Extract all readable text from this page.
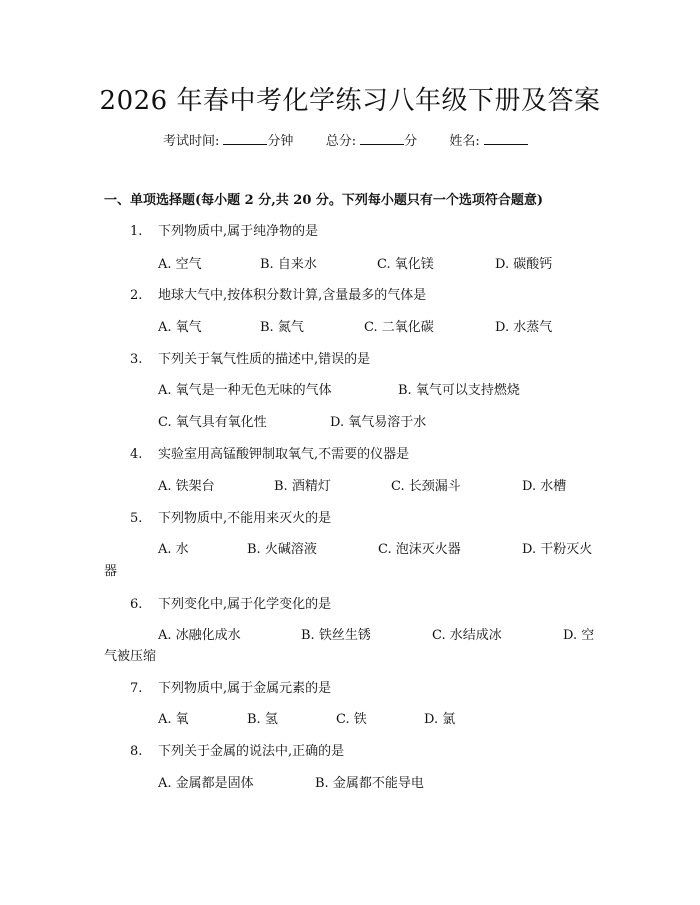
2026 年春中考化学练习八年级下册及答案
考试时间:	分钟 总分:	分 姓名:
一、单项选择题(每小题 2 分,共 20 分。下列每小题只有一个选项符合题意)
1. 下列物质中,属于纯净物的是
A. 空气	B. 自来水	C. 氧化镁	D. 碳酸钙
2. 地球大气中,按体积分数计算,含量最多的气体是
A. 氧气	B. 氮气	C. 二氧化碳	D. 水蒸气
3. 下列关于氧气性质的描述中,错误的是
A. 氧气是一种无色无味的气体	B. 氧气可以支持燃烧
C. 氧气具有氧化性	D. 氧气易溶于水
4. 实验室用高锰酸钾制取氧气,不需要的仪器是
A. 铁架台	B. 酒精灯	C. 长颈漏斗	D. 水槽
5. 下列物质中,不能用来灭火的是
A. 水	B. 火碱溶液	C. 泡沫灭火器	D. 干粉灭火
器
6. 下列变化中,属于化学变化的是
A. 冰融化成水	B. 铁丝生锈	C. 水结成冰	D. 空
气被压缩
7. 下列物质中,属于金属元素的是
A. 氧	B. 氢	C. 铁	D. 氯
8. 下列关于金属的说法中,正确的是
A. 金属都是固体	B. 金属都不能导电
